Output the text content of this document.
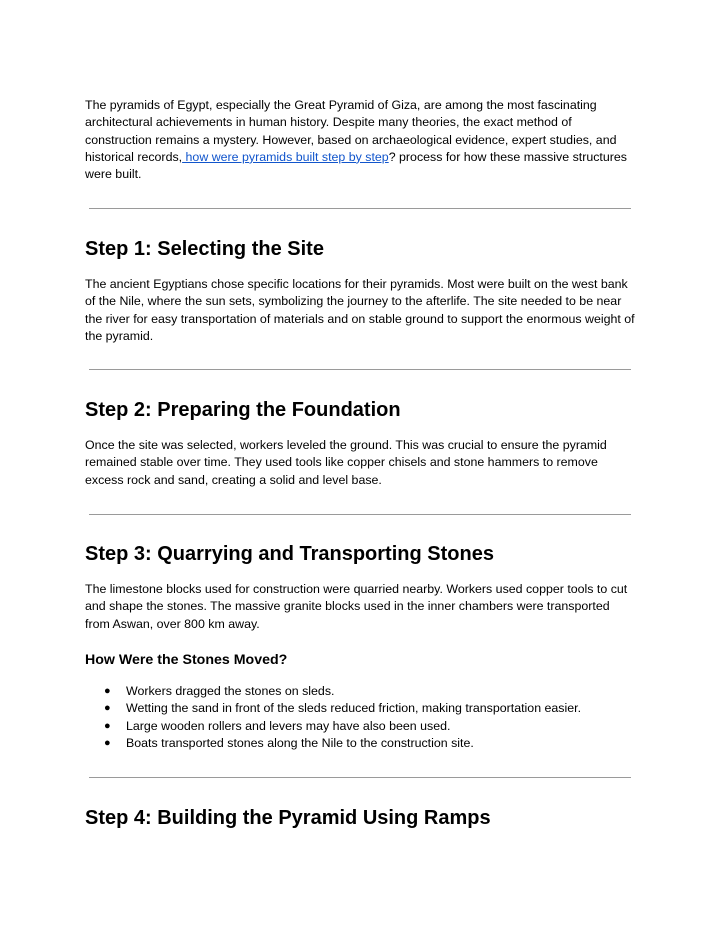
The pyramids of Egypt, especially the Great Pyramid of Giza, are among the most fascinating architectural achievements in human history. Despite many theories, the exact method of construction remains a mystery. However, based on archaeological evidence, expert studies, and historical records, how were pyramids built step by step? process for how these massive structures were built.

Step 1: Selecting the Site

The ancient Egyptians chose specific locations for their pyramids. Most were built on the west bank of the Nile, where the sun sets, symbolizing the journey to the afterlife. The site needed to be near the river for easy transportation of materials and on stable ground to support the enormous weight of the pyramid.

Step 2: Preparing the Foundation

Once the site was selected, workers leveled the ground. This was crucial to ensure the pyramid remained stable over time. They used tools like copper chisels and stone hammers to remove excess rock and sand, creating a solid and level base.

Step 3: Quarrying and Transporting Stones

The limestone blocks used for construction were quarried nearby. Workers used copper tools to cut and shape the stones. The massive granite blocks used in the inner chambers were transported from Aswan, over 800 km away.

How Were the Stones Moved?
● Workers dragged the stones on sleds.
● Wetting the sand in front of the sleds reduced friction, making transportation easier.
● Large wooden rollers and levers may have also been used.
● Boats transported stones along the Nile to the construction site.
Step 4: Building the Pyramid Using Ramps
